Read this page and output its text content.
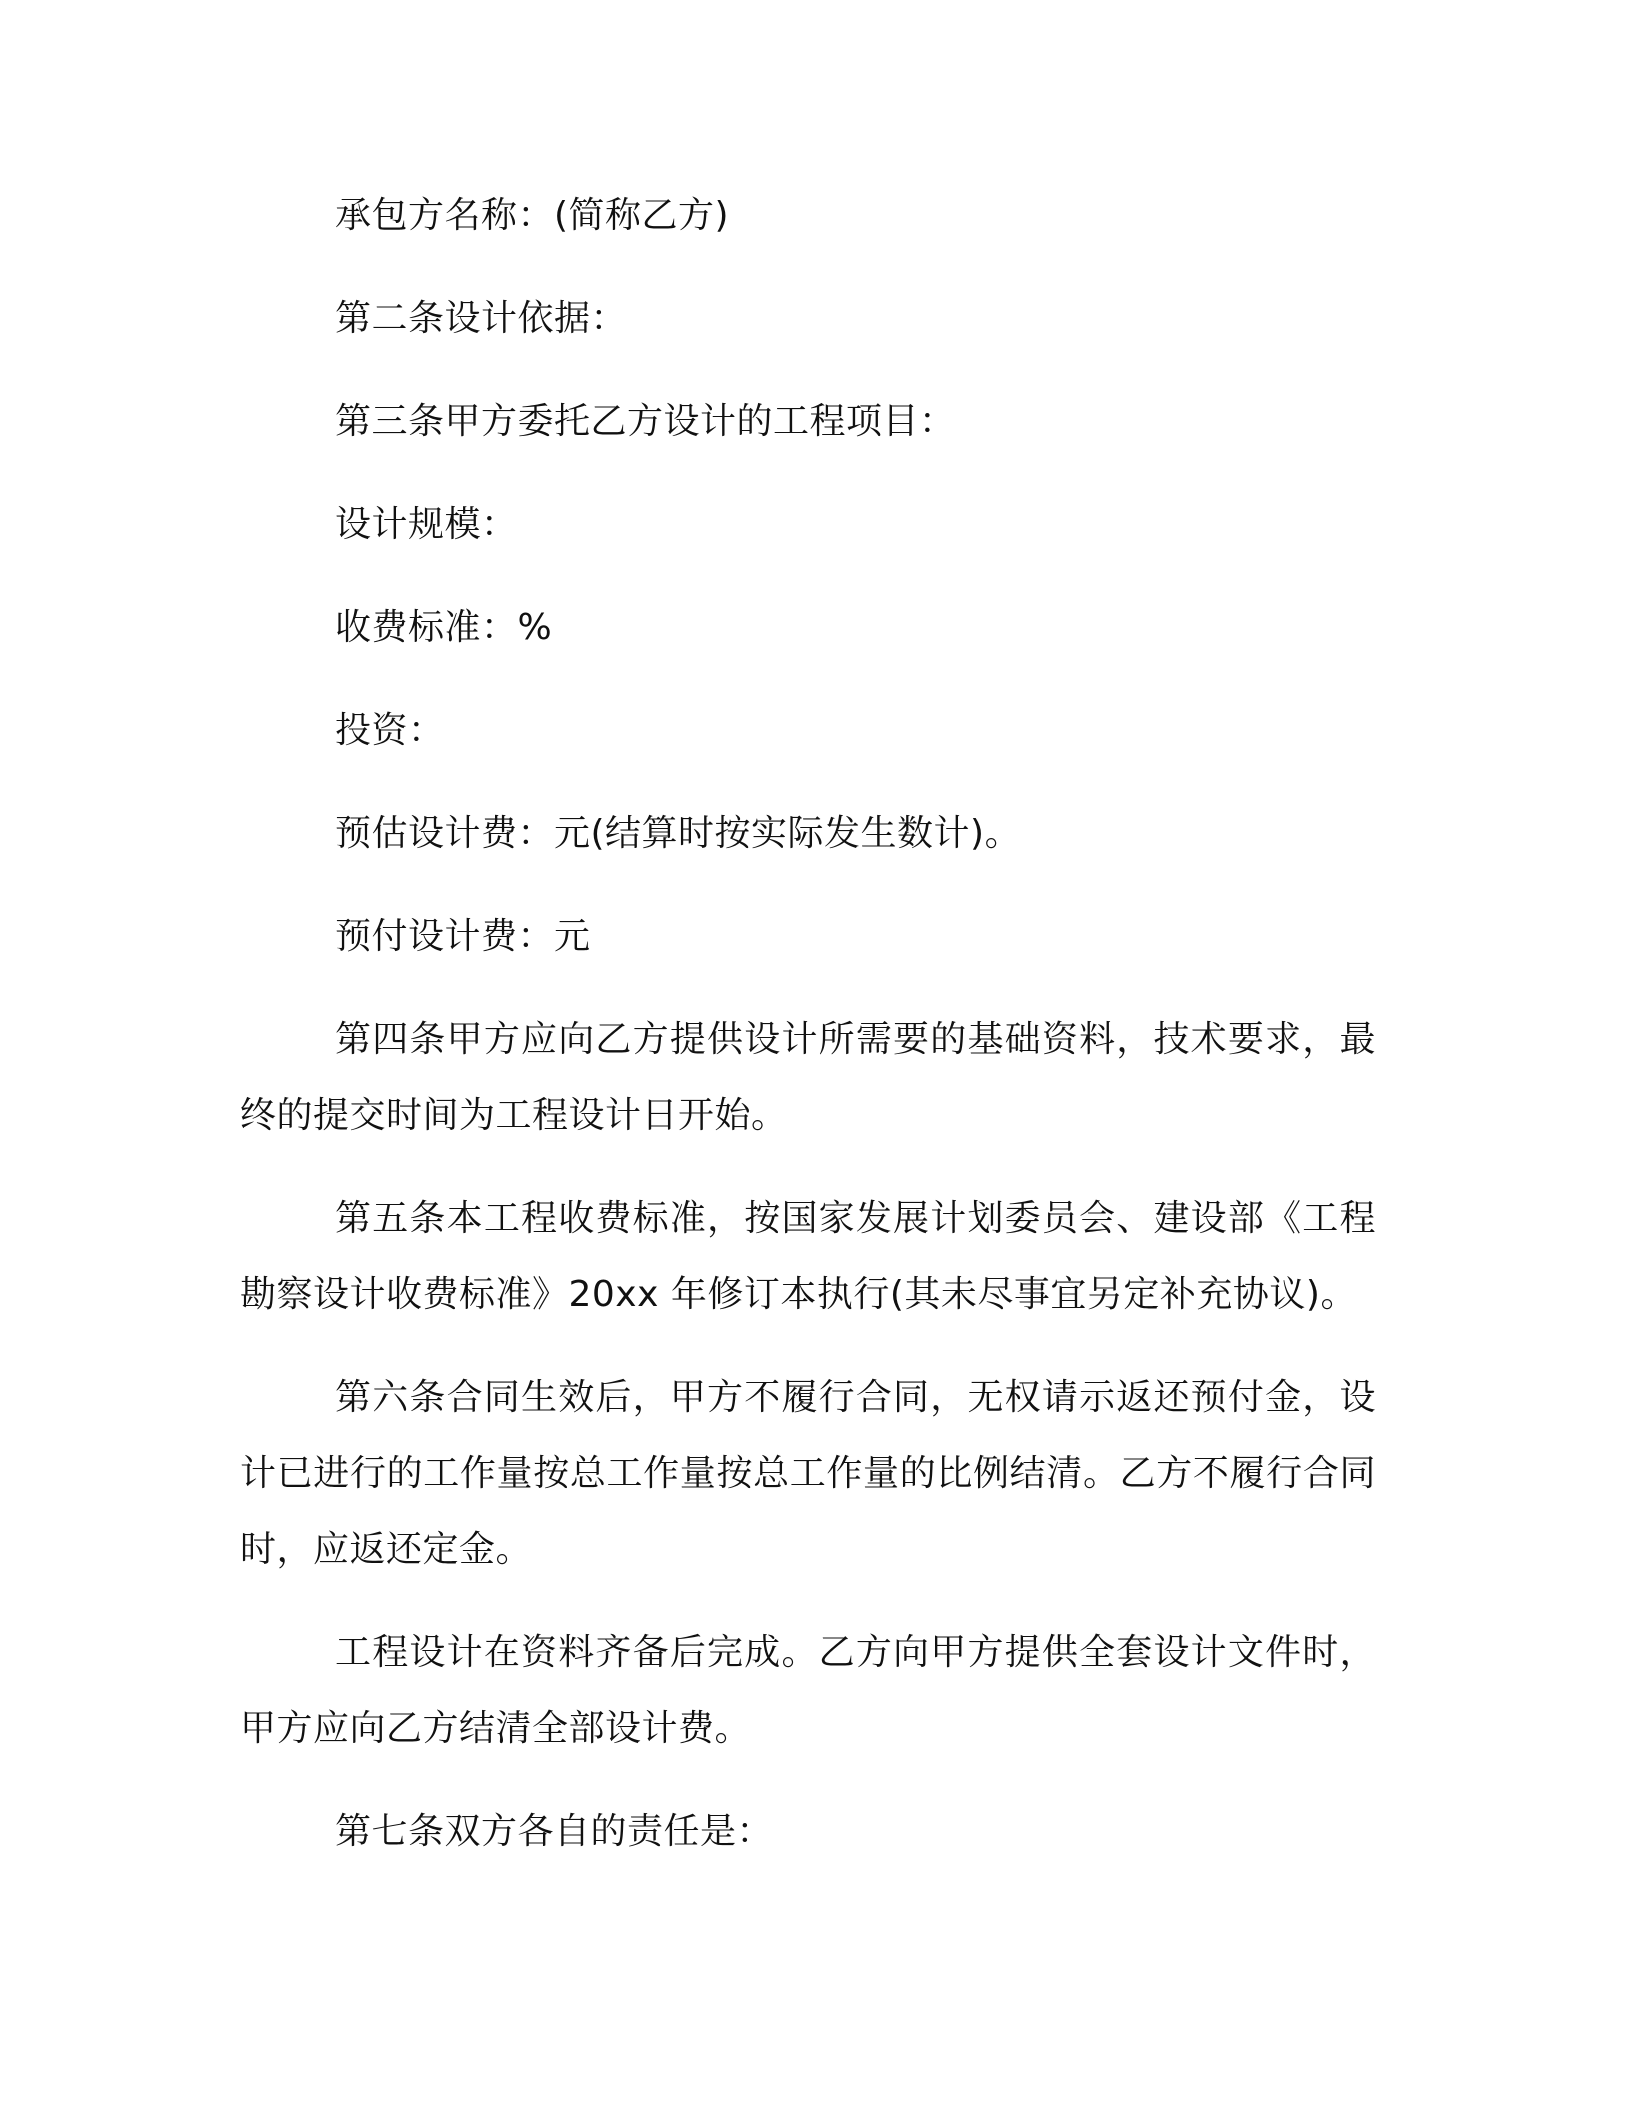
承包方名称：(简称乙方)

第二条设计依据：

第三条甲方委托乙方设计的工程项目：

设计规模：

收费标准：%

投资：

预估设计费：元(结算时按实际发生数计)。

预付设计费：元

第四条甲方应向乙方提供设计所需要的基础资料，技术要求，最终的提交时间为工程设计日开始。

第五条本工程收费标准，按国家发展计划委员会、建设部《工程勘察设计收费标准》20xx 年修订本执行(其未尽事宜另定补充协议)。

第六条合同生效后，甲方不履行合同，无权请示返还预付金，设计已进行的工作量按总工作量按总工作量的比例结清。乙方不履行合同时，应返还定金。

工程设计在资料齐备后完成。乙方向甲方提供全套设计文件时，甲方应向乙方结清全部设计费。

第七条双方各自的责任是：
